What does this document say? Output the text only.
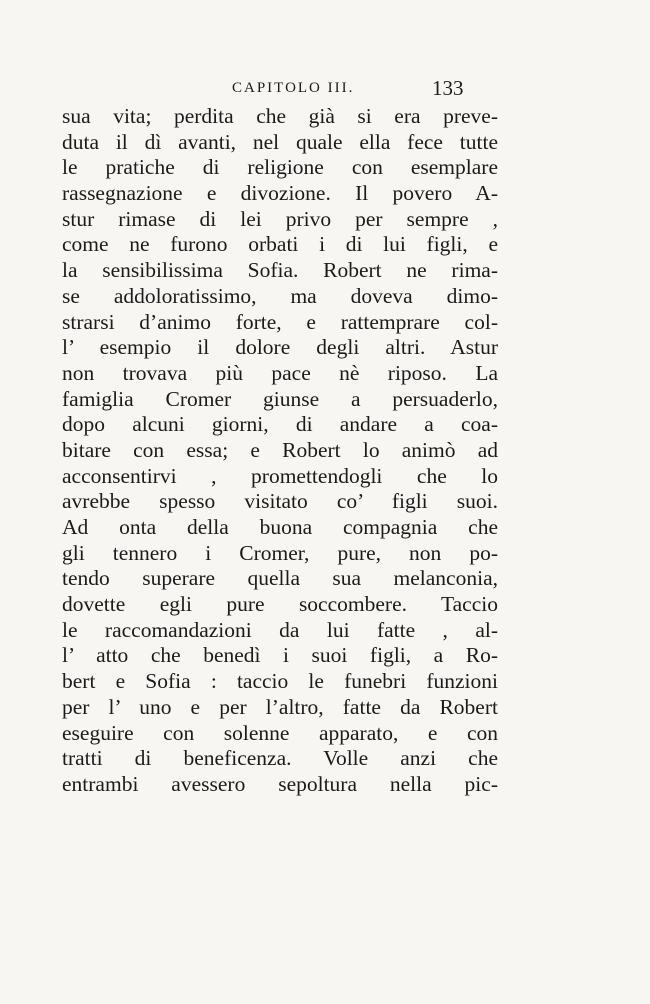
CAPITOLO III.	133
sua vita; perdita che già si era preve-
duta il dì avanti, nel quale ella fece tutte
le pratiche di religione con esemplare
rassegnazione e divozione. Il povero A-
stur rimase di lei privo per sempre ,
come ne furono orbati i di lui figli, e
la sensibilissima Sofia. Robert ne rima-
se addoloratissimo, ma doveva dimo-
strarsi d’animo forte, e rattemprare col-
l’ esempio il dolore degli altri. Astur
non trovava più pace nè riposo. La
famiglia Cromer giunse a persuaderlo,
dopo alcuni giorni, di andare a coa-
bitare con essa; e Robert lo animò ad
acconsentirvi , promettendogli che lo
avrebbe spesso visitato co’ figli suoi.
Ad onta della buona compagnia che
gli tennero i Cromer, pure, non po-
tendo superare quella sua melanconia,
dovette egli pure soccombere. Taccio
le raccomandazioni da lui fatte , al-
l’ atto che benedì i suoi figli, a Ro-
bert e Sofia : taccio le funebri funzioni
per l’ uno e per l’altro, fatte da Robert
eseguire con solenne apparato, e con
tratti di beneficenza. Volle anzi che
entrambi avessero sepoltura nella pic-
